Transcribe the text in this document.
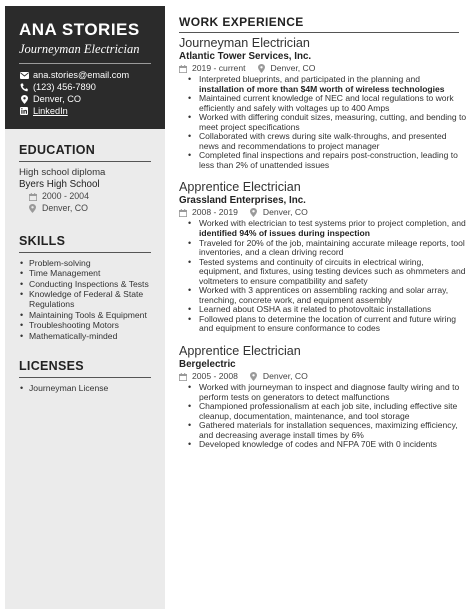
ANA STORIES
Journeyman Electrician
ana.stories@email.com
(123) 456-7890
Denver, CO
LinkedIn
EDUCATION
High school diploma
Byers High School
2000 - 2004
Denver, CO
SKILLS
• Problem-solving
• Time Management
• Conducting Inspections & Tests
• Knowledge of Federal & State Regulations
• Maintaining Tools & Equipment
• Troubleshooting Motors
• Mathematically-minded
LICENSES
• Journeyman License
WORK EXPERIENCE
Journeyman Electrician
Atlantic Tower Services, Inc.
2019 - current	Denver, CO
• Interpreted blueprints, and participated in the planning and installation of more than $4M worth of wireless technologies
• Maintained current knowledge of NEC and local regulations to work efficiently and safely with voltages up to 400 Amps
• Worked with differing conduit sizes, measuring, cutting, and bending to meet project specifications
• Collaborated with crews during site walk-throughs, and presented news and recommendations to project manager
• Completed final inspections and repairs post-construction, leading to less than 2% of unattended issues
Apprentice Electrician
Grassland Enterprises, Inc.
2008 - 2019	Denver, CO
• Worked with electrician to test systems prior to project completion, and identified 94% of issues during inspection
• Traveled for 20% of the job, maintaining accurate mileage reports, tool inventories, and a clean driving record
• Tested systems and continuity of circuits in electrical wiring, equipment, and fixtures, using testing devices such as ohmmeters and voltmeters to ensure compatibility and safety
• Worked with 3 apprentices on assembling racking and solar array, trenching, concrete work, and equipment assembly
• Learned about OSHA as it related to photovoltaic installations
• Followed plans to determine the location of current and future wiring and equipment to ensure conformance to codes
Apprentice Electrician
Bergelectric
2005 - 2008	Denver, CO
• Worked with journeyman to inspect and diagnose faulty wiring and to perform tests on generators to detect malfunctions
• Championed professionalism at each job site, including effective site cleanup, documentation, maintenance, and tool storage
• Gathered materials for installation sequences, maximizing efficiency, and decreasing average install times by 6%
• Developed knowledge of codes and NFPA 70E with 0 incidents
